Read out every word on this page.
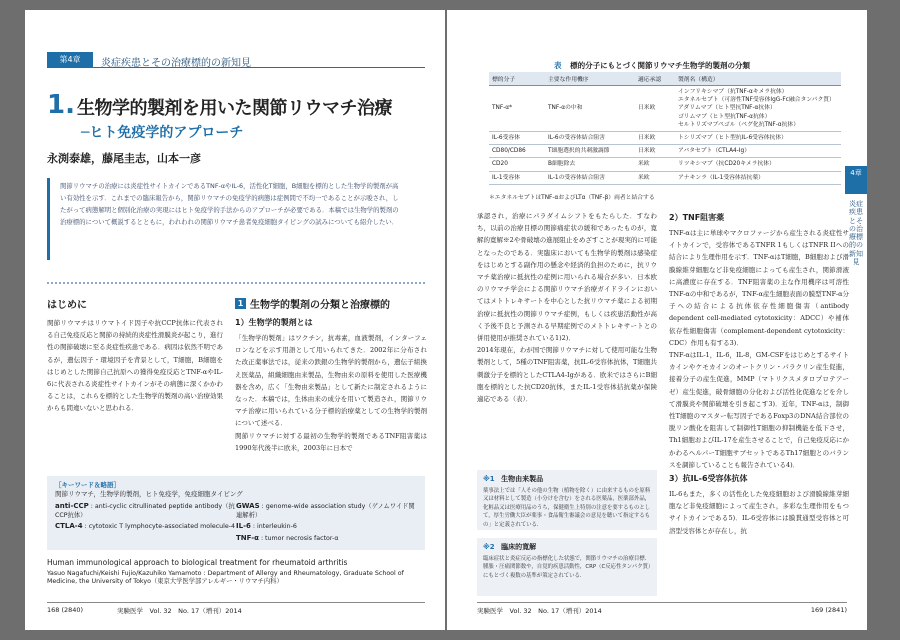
第4章	炎症疾患とその治療標的の新知見
1. 生物学的製剤を用いた関節リウマチ治療
─ヒト免疫学的アプローチ
永渕泰雄，藤尾圭志，山本一彦
関節リウマチの治療には炎症性サイトカインであるTNF-αやIL-6，活性化T細胞，B細胞を標的とした生物学的製剤が高い有効性を示す．これまでの臨床報告から，関節リウマチの免疫学的病態は症例間で不均一であることが示唆され，したがって病態解明と個別化治療の実現にはヒト免疫学的手法からのアプローチが必要である．本稿では生物学的製剤の治療標的について概説するとともに，われわれの関節リウマチ患者免疫細胞タイピングの試みについても紹介したい．
はじめに

関節リウマチはリウマトイド因子や抗CCP抗体に代表される自己免疫反応と関節の持続的炎症性滑膜炎が起こり，進行性の関節破壊に至る炎症性疾患である．病因は依然不明であるが，遺伝因子・環境因子を背景として，T細胞，B細胞をはじめとした関節自己抗原への獲得免疫反応とTNF-αやIL-6に代表される炎症性サイトカインがその病態に深くかかわることは，これらを標的とした生物学的製剤の高い治療効果からも間違いないと思われる．

1 生物学的製剤の分類と治療標的
1）生物学的製剤とは

「生物学的製剤」はワクチン，抗毒素，血液製剤，インターフェロンなどを示す用語として用いられてきた．2002年に分布された改正薬事法では，従来の鉄銀の生物学的製剤から，遺伝子組換え医薬品，組織細胞由来製品，生物由来の原料を使用した医療機器を含め，広く「生物由来製品」として新たに制定されるようになった．本稿では，生体由来の成分を用いて製造され，関節リウマチ治療に用いられている分子標的治療薬としての生物学的製剤について述べる．

関節リウマチに対する最初の生物学的製剤であるTNF阻害薬は1990年代後半に欧米，2003年に日本で

［キーワード＆略語］
関節リウマチ，生物学的製剤，ヒト免疫学，免疫細胞タイピング
anti-CCP : anti-cyclic citrullinated peptide antibody（抗CCP抗体）
CTLA-4 : cytotoxic T lymphocyte-associated molecule-4
GWAS : genome-wide association study（ゲノムワイド関連解析）
IL-6 : interleukin-6
TNF-α : tumor necrosis factor-α
Human immunological approach to biological treatment for rheumatoid arthritis
Yasuo Nagafuchi/Keishi Fujio/Kazuhiko Yamamoto : Department of Allergy and Rheumatology, Graduate School of Medicine, the University of Tokyo（東京大学医学部アレルギー・リウマチ内科）
168 (2840)	実験医学　Vol. 32　No. 17（増刊）2014
表 標的分子にもとづく関節リウマチ生物学的製剤の分類
標的分子	主要な作用機序	適応承認	製剤名（構造）
TNF-α*	TNF-αの中和	日米欧	インフリキシマブ（抗TNF-αキメラ抗体）
エタネルセプト（可溶性TNF受容体IgG-Fc融合タンパク質）
アダリムマブ（ヒト型抗TNF-α抗体）
ゴリムマブ（ヒト型抗TNF-α抗体）
セルトリズマブペゴル（ペグ化抗TNF-α抗体）
IL-6受容体	IL-6の受容体結合阻害	日米欧	トシリズマブ（ヒト型抗IL-6受容体抗体）
CD80/CD86	T細胞選択的共刺激調節	日米欧	アバタセプト（CTLA4-Ig）
CD20	B細胞除去	米欧	リツキシマブ（抗CD20キメラ抗体）
IL-1受容体	IL-1の受容体結合阻害	米欧	アナキンラ（IL-1受容体拮抗薬）
＊エタネルセプトはTNF-αおよびLTα（TNF-β）両者と結合する

承認され，治療にパラダイムシフトをもたらした．すなわち，以前の治療目標の関節痛症状の緩和であったものが，寛解的寛解※2や骨破壊の進展阻止をめざすことが現実的に可能となったのである．実臨床においても生物学的製剤は感染症をはじめとする副作用の懸念や経済的負担のために，抗リウマチ薬治療に抵抗性の症例に用いられる場合が多い．日本欧のリウマチ学会による関節リウマチ治療ガイドラインにおいてはメトトレキサートを中心とした抗リウマチ薬による初期治療に抵抗性の関節リウマチ症例，もしくは疾患活動性が高く予後不良と予測される早期症例でのメトトレキサートとの併用使用が推奨されている1)2)．

2014年現在，わが国で関節リウマチに対して使用可能な生物製剤として，5種のTNF阻害薬，抗IL-6受容体抗体，T細胞共刺激分子を標的としたCTLA4-Igがある．欧米ではさらにB細胞を標的とした抗CD20抗体，またIL-1受容体拮抗薬が保険適応である（表）．

※1 生物由来製品
薬事法上では「人その他の生物（植物を除く）に由来するものを原料又は材料として製造（小分けを含む）をされる医薬品，医薬部外品，化粧品又は医療用品のうち，保健衛生上特別の注意を要するものとして，厚生労働大臣が薬事・食品衛生審議会の意見を聴いて指定するもの」と定義されている．
※2 臨床的寛解
臨床症状と炎症反応の指標化した状態で，関節リウマチの治療目標．腫脹・圧痛関節数や，自覚的疾患活動性，CRP（C反応性タンパク質）にもとづく複数の基準が策定されている．
2）TNF阻害薬

TNF-αは主に単球やマクロファージから産生される炎症性サイトカインで，受容体であるTNFR 1もしくはTNFR IIへの結合により生理作用を示す．TNF-αはT細胞，B細胞および滑膜線維芽細胞など非免疫細胞によっても産生され，関節滑液に高濃度に存在する．TNF阻害薬の主な作用機序は可溶性TNF-αの中和であるが，TNF-α産生細胞表面の膜型TNF-α分子への結合による抗体依存性細胞傷害（antibody dependent cell-mediated cytotoxicity：ADCC）や補体依存性細胞傷害（complement-dependent cytotoxicity：CDC）作用も有する3)．

TNF-αはIL-1，IL-6，IL-8，GM-CSFをはじめとするサイトカインやケモカインのオートクリン・パラクリン産生促進，接着分子の産生促進，MMP（マトリクスメタロプロテアーゼ）産生促進，破骨細胞の分化および活性化促進などを介して滑膜炎や関節破壊を引き起こす3)．近年，TNF-αは，制御性T細胞のマスター転写因子であるFoxp3のDNA結合部位の脱リン酸化を阻害して制御性T細胞の抑制機能を低下させ，Th1細胞およびIL-17を産生させることで，自己免疫反応にかかわるヘルパーT細胞サブセットであるTh17細胞とのバランスを調節していることも報告されている4)．

3）抗IL-6受容体抗体

IL-6もまた，多くの活性化した免疫細胞および滑膜線維芽細胞など非免疫細胞によって産生され，多彩な生理作用をもつサイトカインである5)．IL-6受容体には膜貫通型受容体と可溶型受容体とが存在し，抗

4章
炎症疾患とその治療標的の新知見
実験医学　Vol. 32　No. 17（増刊）2014	169 (2841)
